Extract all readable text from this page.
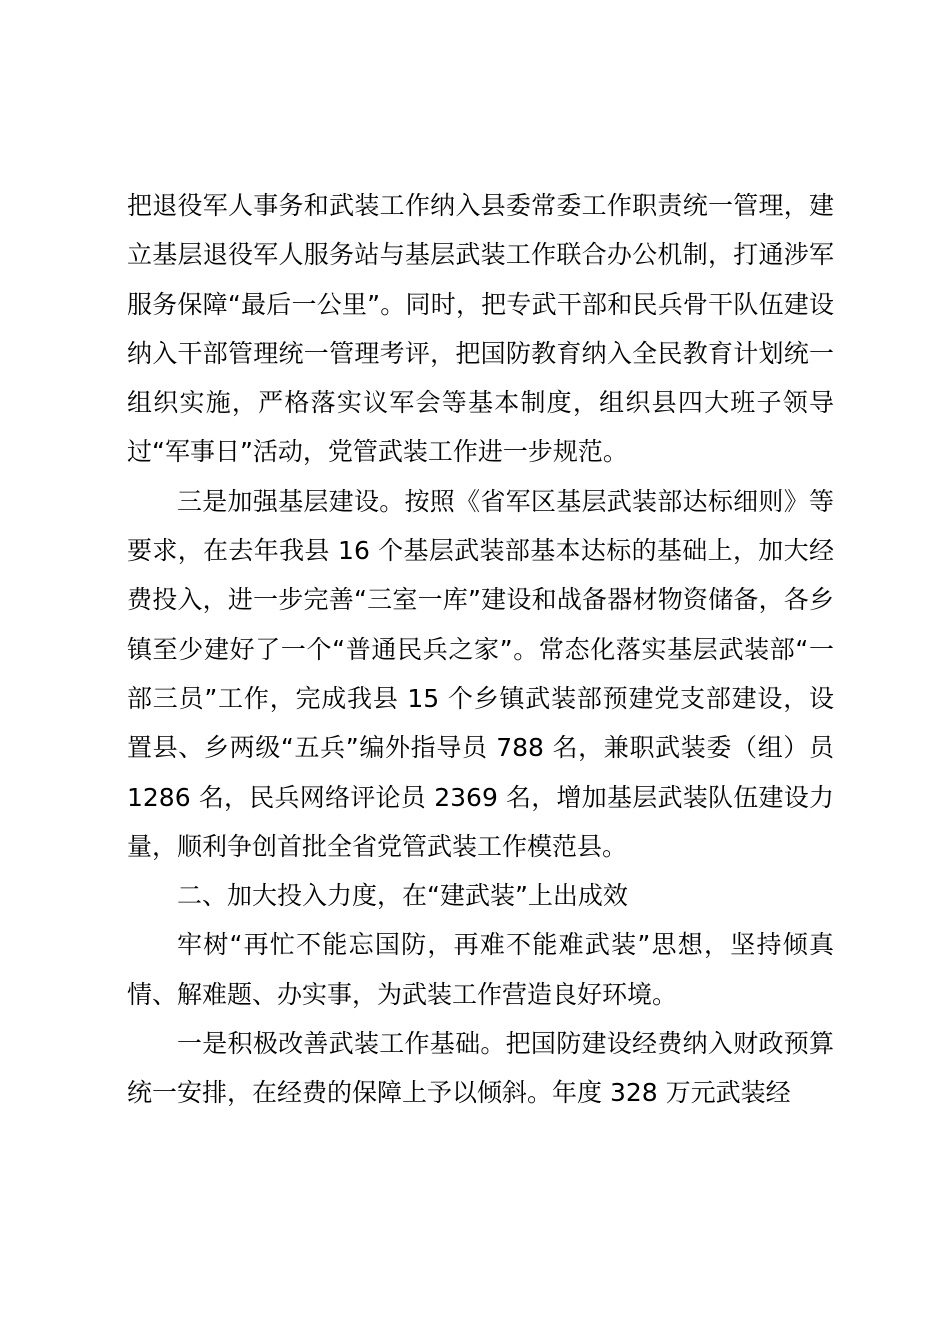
把退役军人事务和武装工作纳入县委常委工作职责统一管理，建立基层退役军人服务站与基层武装工作联合办公机制，打通涉军服务保障“最后一公里”。同时，把专武干部和民兵骨干队伍建设纳入干部管理统一管理考评，把国防教育纳入全民教育计划统一组织实施，严格落实议军会等基本制度，组织县四大班子领导过“军事日”活动，党管武装工作进一步规范。

三是加强基层建设。按照《省军区基层武装部达标细则》等要求，在去年我县 16 个基层武装部基本达标的基础上，加大经费投入，进一步完善“三室一库”建设和战备器材物资储备，各乡镇至少建好了一个“普通民兵之家”。常态化落实基层武装部“一部三员”工作，完成我县 15 个乡镇武装部预建党支部建设，设置县、乡两级“五兵”编外指导员 788 名，兼职武装委（组）员 1286 名，民兵网络评论员 2369 名，增加基层武装队伍建设力量，顺利争创首批全省党管武装工作模范县。

二、加大投入力度，在“建武装”上出成效

牢树“再忙不能忘国防，再难不能难武装”思想，坚持倾真情、解难题、办实事，为武装工作营造良好环境。

一是积极改善武装工作基础。把国防建设经费纳入财政预算统一安排，在经费的保障上予以倾斜。年度 328 万元武装经
